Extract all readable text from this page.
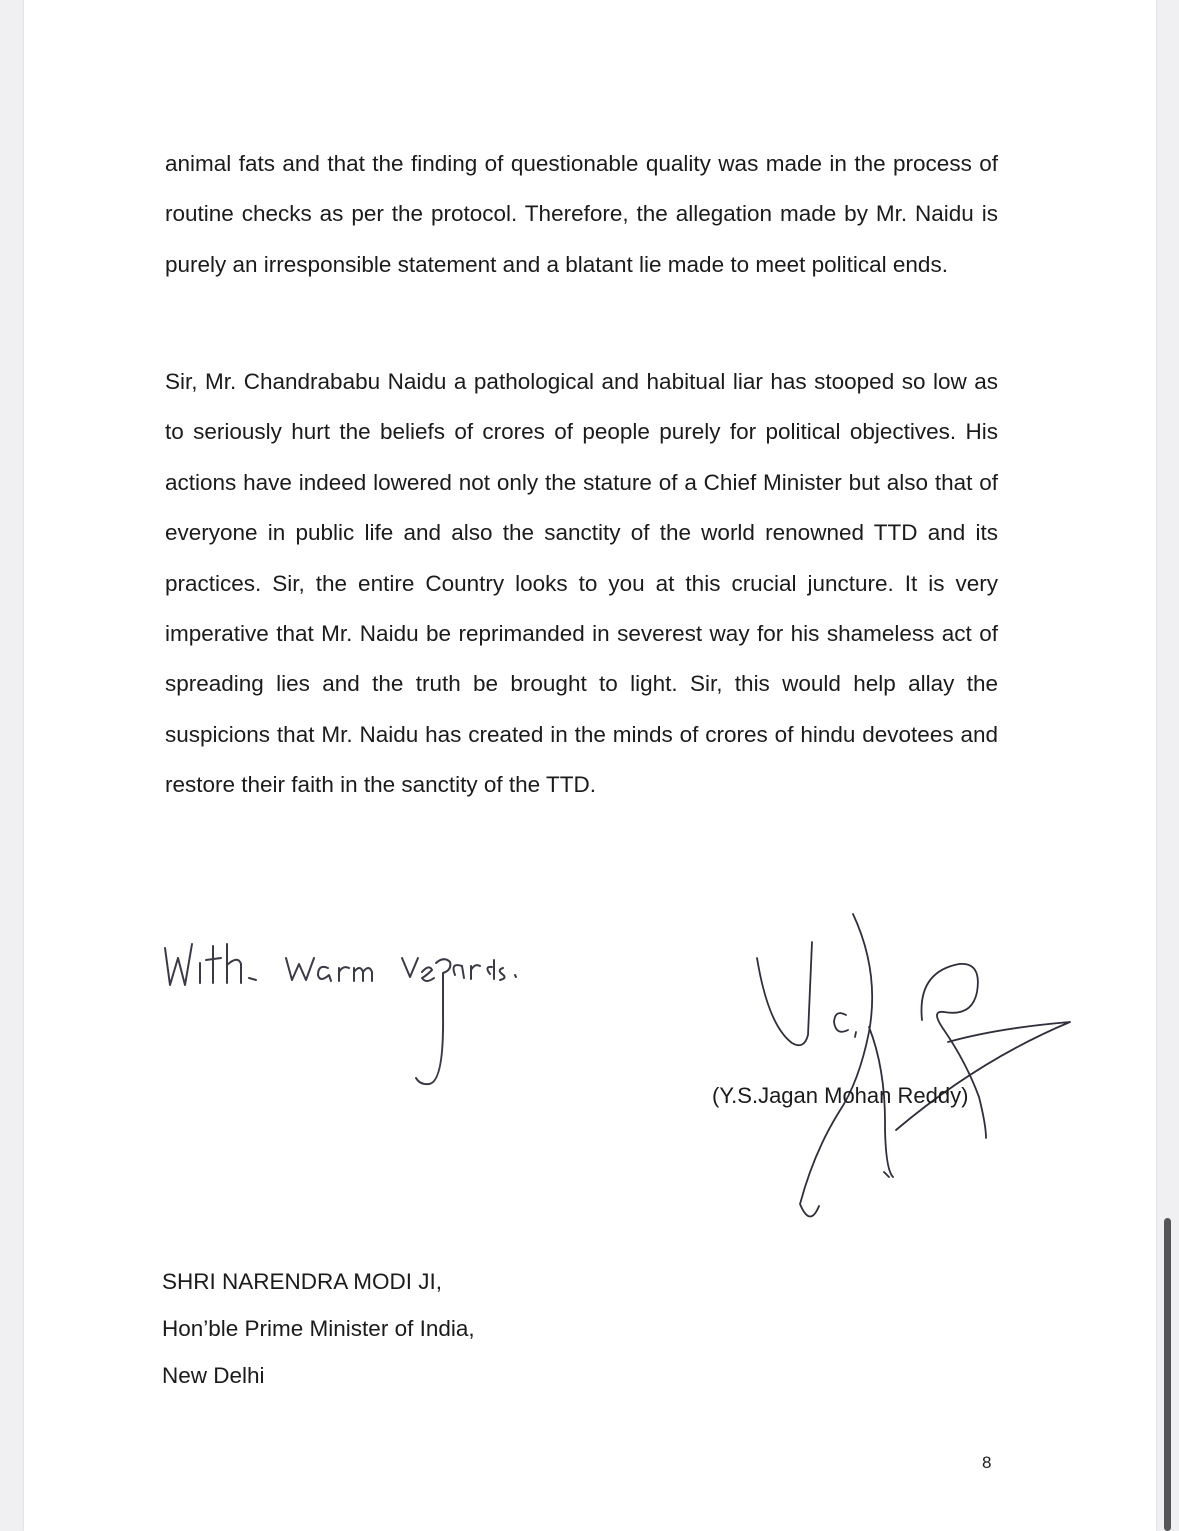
animal fats and that the finding of questionable quality was made in the process of routine checks as per the protocol. Therefore, the allegation made by Mr. Naidu is purely an irresponsible statement and a blatant lie made to meet political ends.

Sir, Mr. Chandrababu Naidu a pathological and habitual liar has stooped so low as to seriously hurt the beliefs of crores of people purely for political objectives. His actions have indeed lowered not only the stature of a Chief Minister but also that of everyone in public life and also the sanctity of the world renowned TTD and its practices. Sir, the entire Country looks to you at this crucial juncture. It is very imperative that Mr. Naidu be reprimanded in severest way for his shameless act of spreading lies and the truth be brought to light. Sir, this would help allay the suspicions that Mr. Naidu has created in the minds of crores of hindu devotees and restore their faith in the sanctity of the TTD.

(Y.S.Jagan Mohan Reddy)
SHRI NARENDRA MODI JI,
Hon’ble Prime Minister of India,
New Delhi
8
